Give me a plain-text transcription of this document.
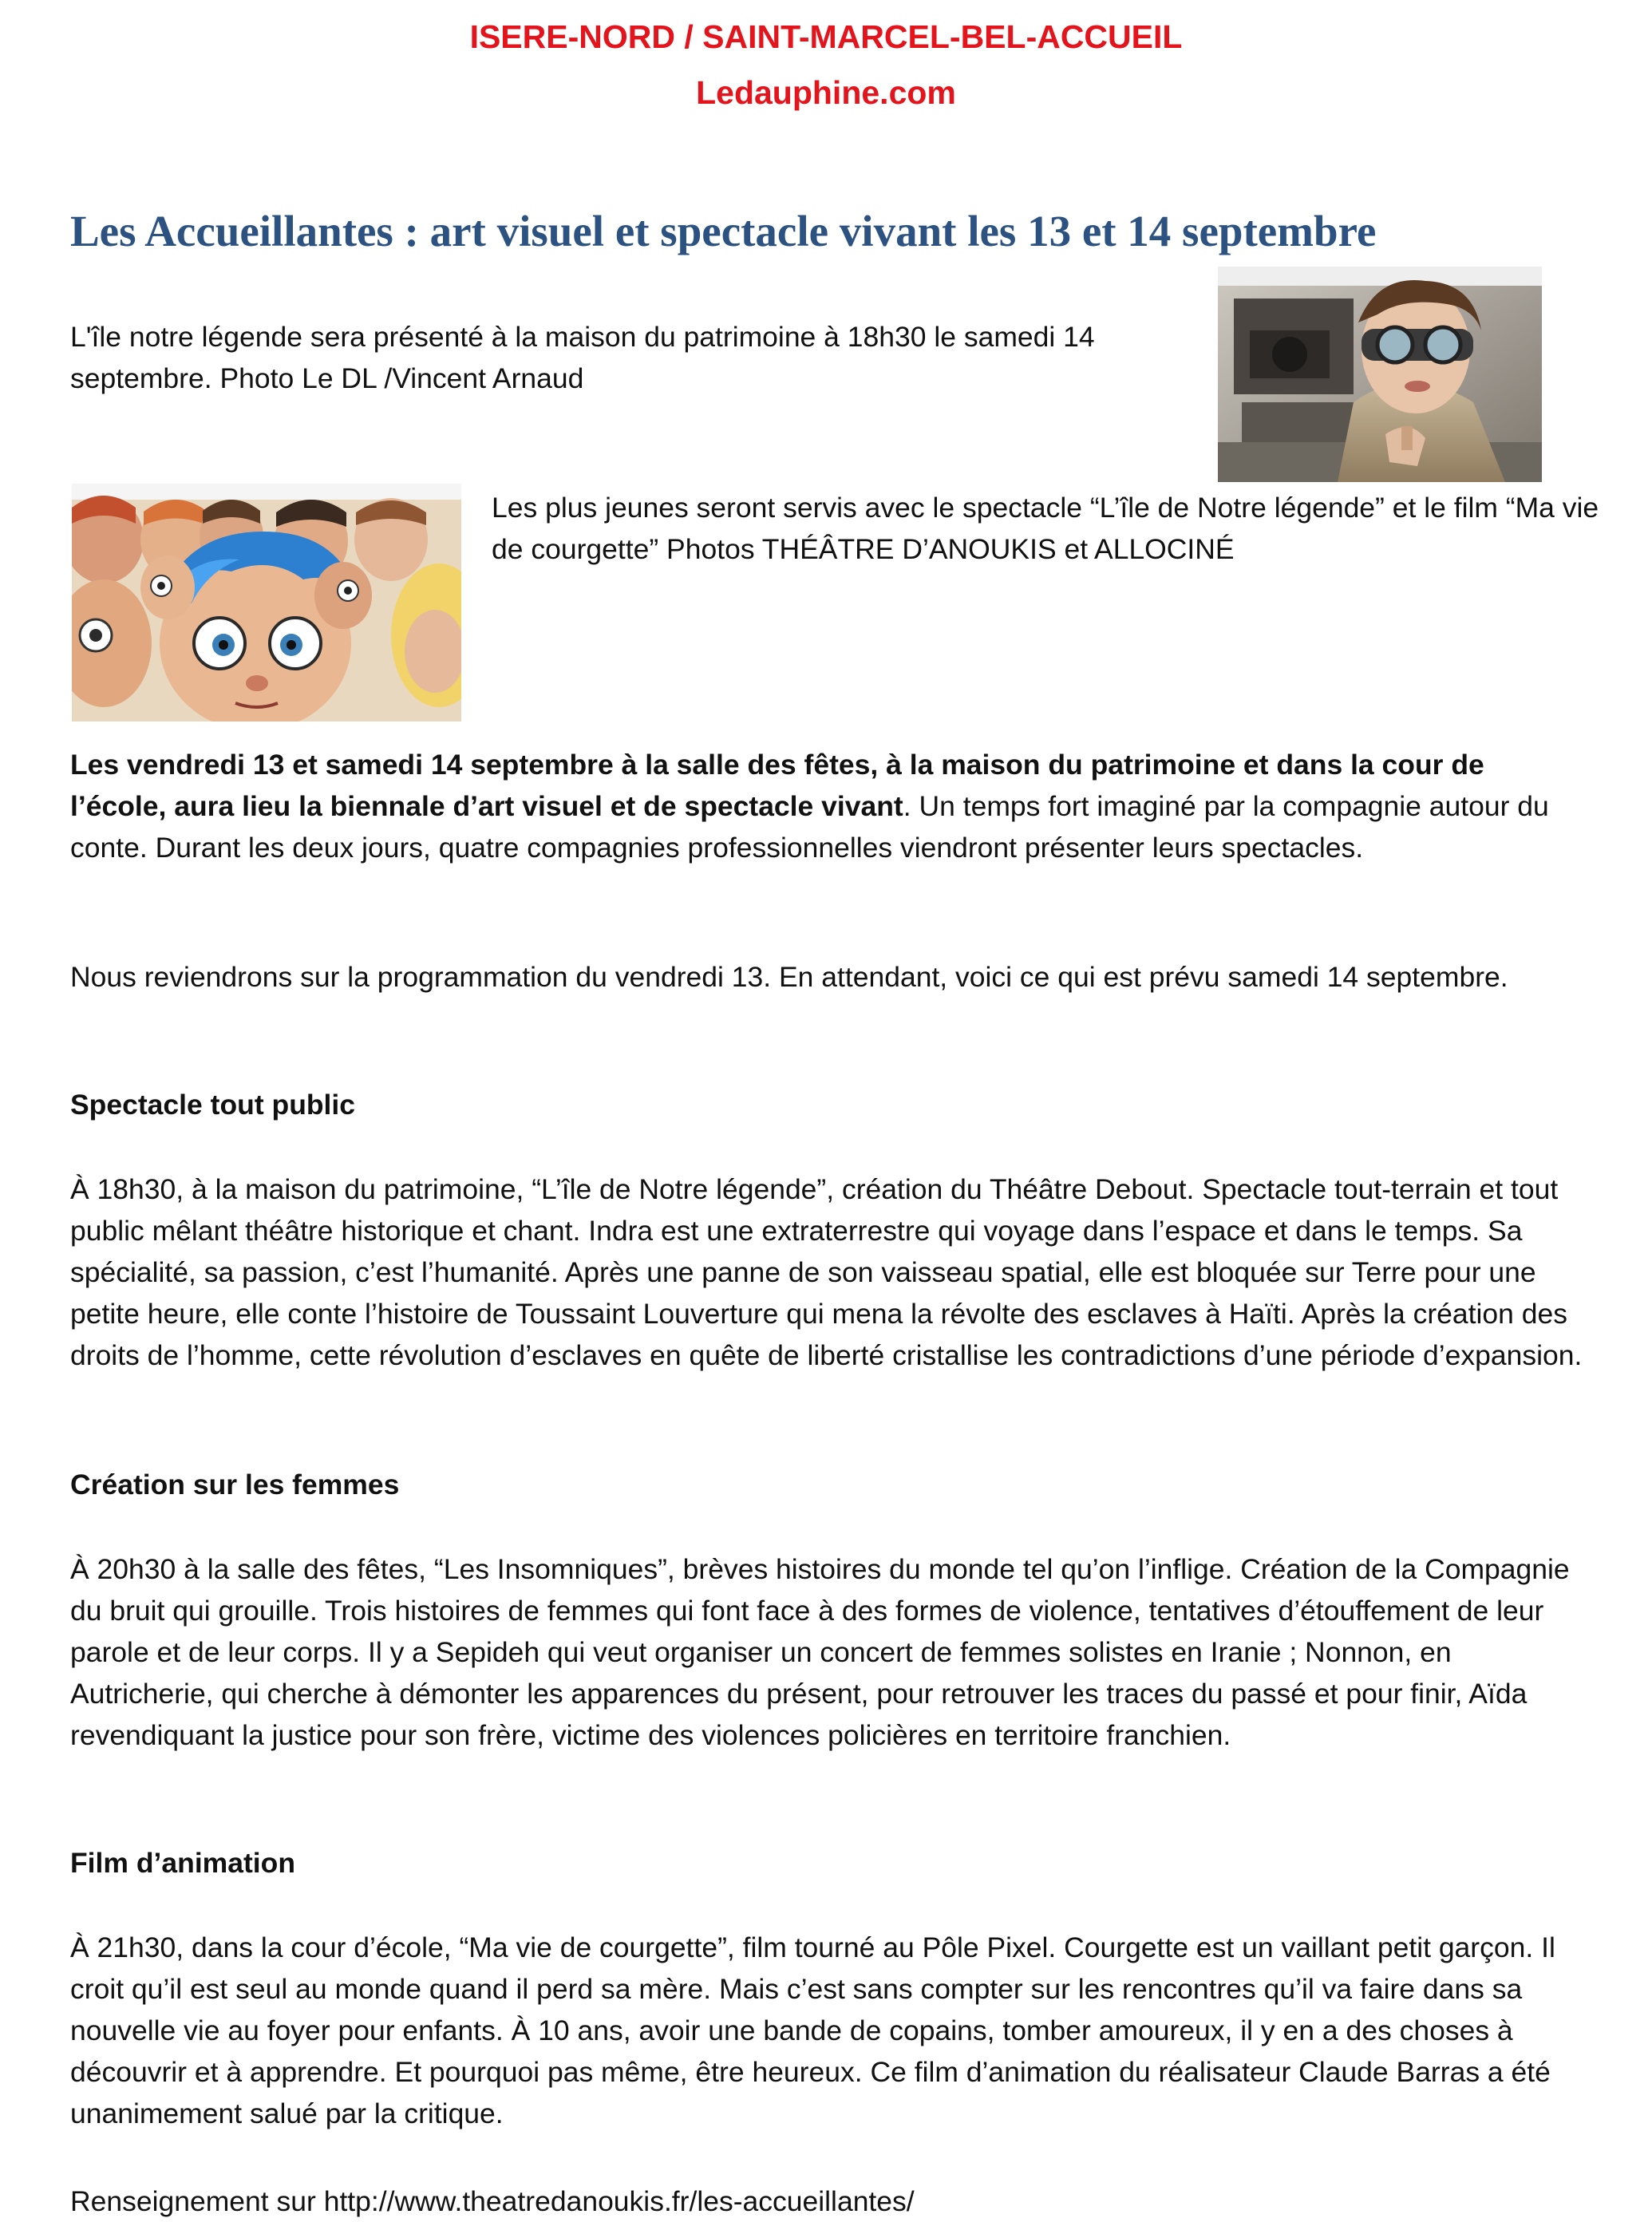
ISERE-NORD / SAINT-MARCEL-BEL-ACCUEIL
Ledauphine.com
Les Accueillantes : art visuel et spectacle vivant les 13 et 14 septembre

L'île notre légende sera présenté à la maison du patrimoine à 18h30 le samedi 14 septembre. Photo Le DL /Vincent Arnaud

Les plus jeunes seront servis avec le spectacle “L’île de Notre légende” et le film “Ma vie de courgette” Photos THÉÂTRE D’ANOUKIS et ALLOCINÉ

Les vendredi 13 et samedi 14 septembre à la salle des fêtes, à la maison du patrimoine et dans la cour de l’école, aura lieu la biennale d’art visuel et de spectacle vivant. Un temps fort imaginé par la compagnie autour du conte. Durant les deux jours, quatre compagnies professionnelles viendront présenter leurs spectacles.

Nous reviendrons sur la programmation du vendredi 13. En attendant, voici ce qui est prévu samedi 14 septembre.

Spectacle tout public

À 18h30, à la maison du patrimoine, “L’île de Notre légende”, création du Théâtre Debout. Spectacle tout-terrain et tout public mêlant théâtre historique et chant. Indra est une extraterrestre qui voyage dans l’espace et dans le temps. Sa spécialité, sa passion, c’est l’humanité. Après une panne de son vaisseau spatial, elle est bloquée sur Terre pour une petite heure, elle conte l’histoire de Toussaint Louverture qui mena la révolte des esclaves à Haïti. Après la création des droits de l’homme, cette révolution d’esclaves en quête de liberté cristallise les contradictions d’une période d’expansion.

Création sur les femmes

À 20h30 à la salle des fêtes, “Les Insomniques”, brèves histoires du monde tel qu’on l’inflige. Création de la Compagnie du bruit qui grouille. Trois histoires de femmes qui font face à des formes de violence, tentatives d’étouffement de leur parole et de leur corps. Il y a Sepideh qui veut organiser un concert de femmes solistes en Iranie ; Nonnon, en Autricherie, qui cherche à démonter les apparences du présent, pour retrouver les traces du passé et pour finir, Aïda revendiquant la justice pour son frère, victime des violences policières en territoire franchien.

Film d’animation

À 21h30, dans la cour d’école, “Ma vie de courgette”, film tourné au Pôle Pixel. Courgette est un vaillant petit garçon. Il croit qu’il est seul au monde quand il perd sa mère. Mais c’est sans compter sur les rencontres qu’il va faire dans sa nouvelle vie au foyer pour enfants. À 10 ans, avoir une bande de copains, tomber amoureux, il y en a des choses à découvrir et à apprendre. Et pourquoi pas même, être heureux. Ce film d’animation du réalisateur Claude Barras a été unanimement salué par la critique.

Renseignement sur http://www.theatredanoukis.fr/les-accueillantes/
